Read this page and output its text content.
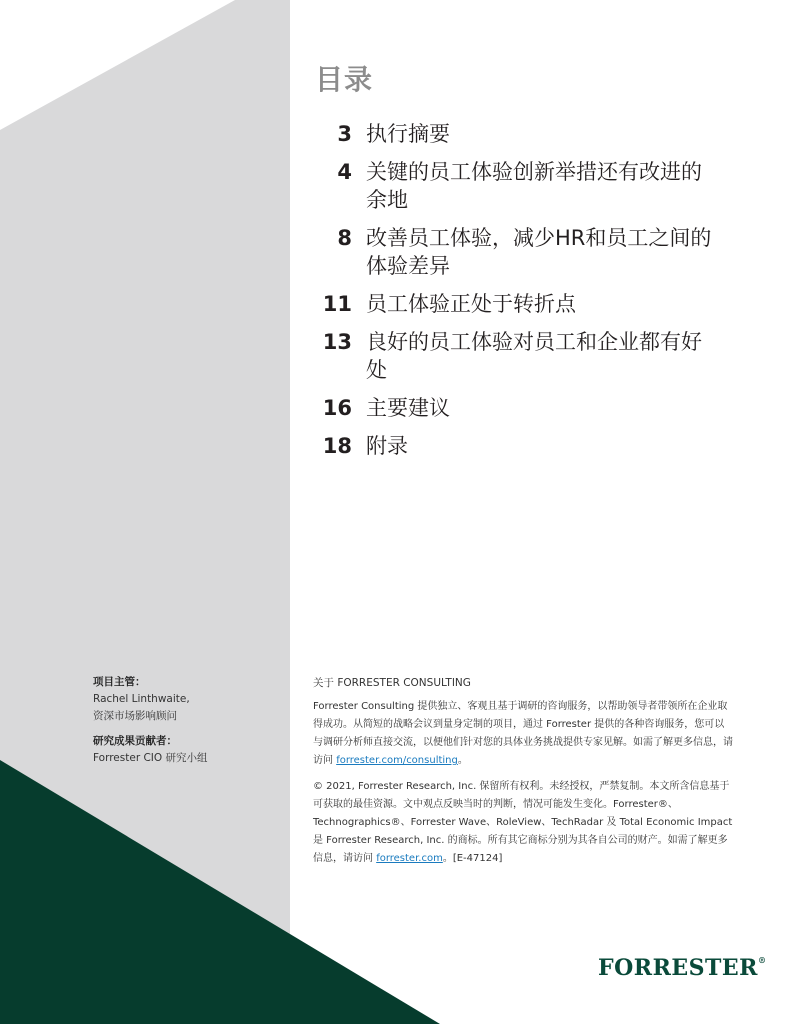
目录
3 执行摘要
4 关键的员工体验创新举措还有改进的余地
8 改善员工体验，减少HR和员工之间的体验差异
11 员工体验正处于转折点
13 良好的员工体验对员工和企业都有好处
16 主要建议
18 附录
项目主管：
Rachel Linthwaite,
资深市场影响顾问
研究成果贡献者：
Forrester CIO 研究小组
关于 FORRESTER CONSULTING

Forrester Consulting 提供独立、客观且基于调研的咨询服务，以帮助领导者带领所在企业取得成功。从简短的战略会议到量身定制的项目，通过 Forrester 提供的各种咨询服务，您可以与调研分析师直接交流，以便他们针对您的具体业务挑战提供专家见解。如需了解更多信息，请访问 forrester.com/consulting。

© 2021, Forrester Research, Inc. 保留所有权利。未经授权，严禁复制。本文所含信息基于可获取的最佳资源。文中观点反映当时的判断，情况可能发生变化。Forrester®、Technographics®、Forrester Wave、RoleView、TechRadar 及 Total Economic Impact 是 Forrester Research, Inc. 的商标。所有其它商标分别为其各自公司的财产。如需了解更多信息，请访问 forrester.com。[E-47124]

FORRESTER®
